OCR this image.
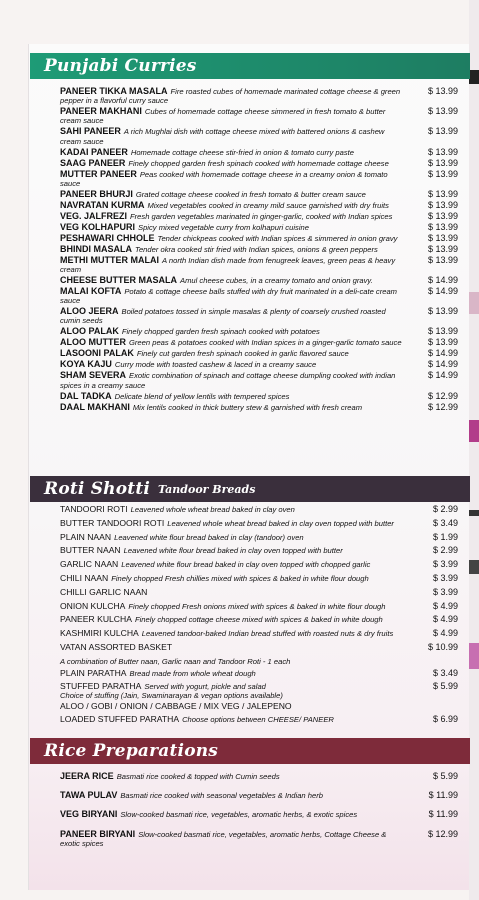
Punjabi Curries
PANEER TIKKA MASALA Fire roasted cubes of homemade marinated cottage cheese & green pepper in a flavorful curry sauce
$ 13.99
PANEER MAKHANI Cubes of homemade cottage cheese simmered in fresh tomato & butter cream sauce
$ 13.99
SAHI PANEER A rich Mughlai dish with cottage cheese mixed with battered onions & cashew cream sauce
$ 13.99
KADAI PANEER Homemade cottage cheese stir-fried in onion & tomato curry paste	$ 13.99
SAAG PANEER Finely chopped garden fresh spinach cooked with homemade cottage cheese	$ 13.99
MUTTER PANEER Peas cooked with homemade cottage cheese in a creamy onion & tomato sauce
$ 13.99
PANEER BHURJI Grated cottage cheese cooked in fresh tomato & butter cream sauce	$ 13.99
NAVRATAN KURMA Mixed vegetables cooked in creamy mild sauce garnished with dry fruits	$ 13.99
VEG. JALFREZI Fresh garden vegetables marinated in ginger-garlic, cooked with Indian spices	$ 13.99
VEG KOLHAPURI Spicy mixed vegetable curry from kolhapuri cuisine	$ 13.99
PESHAWARI CHHOLE Tender chickpeas cooked with Indian spices & simmered in onion gravy	$ 13.99
BHINDI MASALA Tender okra cooked stir fried with Indian spices, onions & green peppers	$ 13.99
METHI MUTTER MALAI A north Indian dish made from fenugreek leaves, green peas & heavy cream
$ 13.99
CHEESE BUTTER MASALA Amul cheese cubes, in a creamy tomato and onion gravy.	$ 14.99
MALAI KOFTA Potato & cottage cheese balls stuffed with dry fruit marinated in a deli-cate cream sauce
$ 14.99
ALOO JEERA Boiled potatoes tossed in simple masalas & plenty of coarsely crushed roasted cumin seeds
$ 13.99
ALOO PALAK Finely chopped garden fresh spinach cooked with potatoes	$ 13.99
ALOO MUTTER Green peas & potatoes cooked with Indian spices in a ginger-garlic tomato sauce	$ 13.99
LASOONI PALAK Finely cut garden fresh spinach cooked in garlic flavored sauce	$ 14.99
KOYA KAJU Curry mode with toasted cashew & laced in a creamy sauce	$ 14.99
SHAM SEVERA Exotic combination of spinach and cottage cheese dumpling cooked with indian spices in a creamy sauce
$ 14.99
DAL TADKA Delicate blend of yellow lentils with tempered spices	$ 12.99
DAAL MAKHANI Mix lentils cooked in thick buttery stew & garnished with fresh cream	$ 12.99
Roti Shotti Tandoor Breads
TANDOORI ROTI Leavened whole wheat bread baked in clay oven	$ 2.99
BUTTER TANDOORI ROTI Leavened whole wheat bread baked in clay oven topped with butter	$ 3.49
PLAIN NAAN Leavened white flour bread baked in clay (tandoor) oven	$ 1.99
BUTTER NAAN Leavened white flour bread baked in clay oven topped with butter	$ 2.99
GARLIC NAAN Leavened white flour bread baked in clay oven topped with chopped garlic	$ 3.99
CHILI NAAN Finely chopped Fresh chillies mixed with spices & baked in white flour dough	$ 3.99
CHILLI GARLIC NAAN	$ 3.99
ONION KULCHA Finely chopped Fresh onions mixed with spices & baked in white flour dough	$ 4.99
PANEER KULCHA Finely chopped cottage cheese mixed with spices & baked in white dough	$ 4.99
KASHMIRI KULCHA Leavened tandoor-baked Indian bread stuffed with roasted nuts & dry fruits	$ 4.99
VATAN ASSORTED BASKET	$ 10.99
A combination of Butter naan, Garlic naan and Tandoor Roti - 1 each
PLAIN PARATHA Bread made from whole wheat dough	$ 3.49
STUFFED PARATHA Served with yogurt, pickle and salad	$ 5.99
Choice of stuffing (Jain, Swaminarayan & vegan options available)
ALOO / GOBI / ONION / CABBAGE / MIX VEG / JALEPENO
LOADED STUFFED PARATHA Choose options between CHEESE/ PANEER	$ 6.99
Rice Preparations
JEERA RICE Basmati rice cooked & topped with Cumin seeds	$ 5.99
TAWA PULAV Basmati rice cooked with seasonal vegetables & Indian herb	$ 11.99
VEG BIRYANI Slow-cooked basmati rice, vegetables, aromatic herbs, & exotic spices	$ 11.99
PANEER BIRYANI Slow-cooked basmati rice, vegetables, aromatic herbs, Cottage Cheese & exotic spices
$ 12.99
